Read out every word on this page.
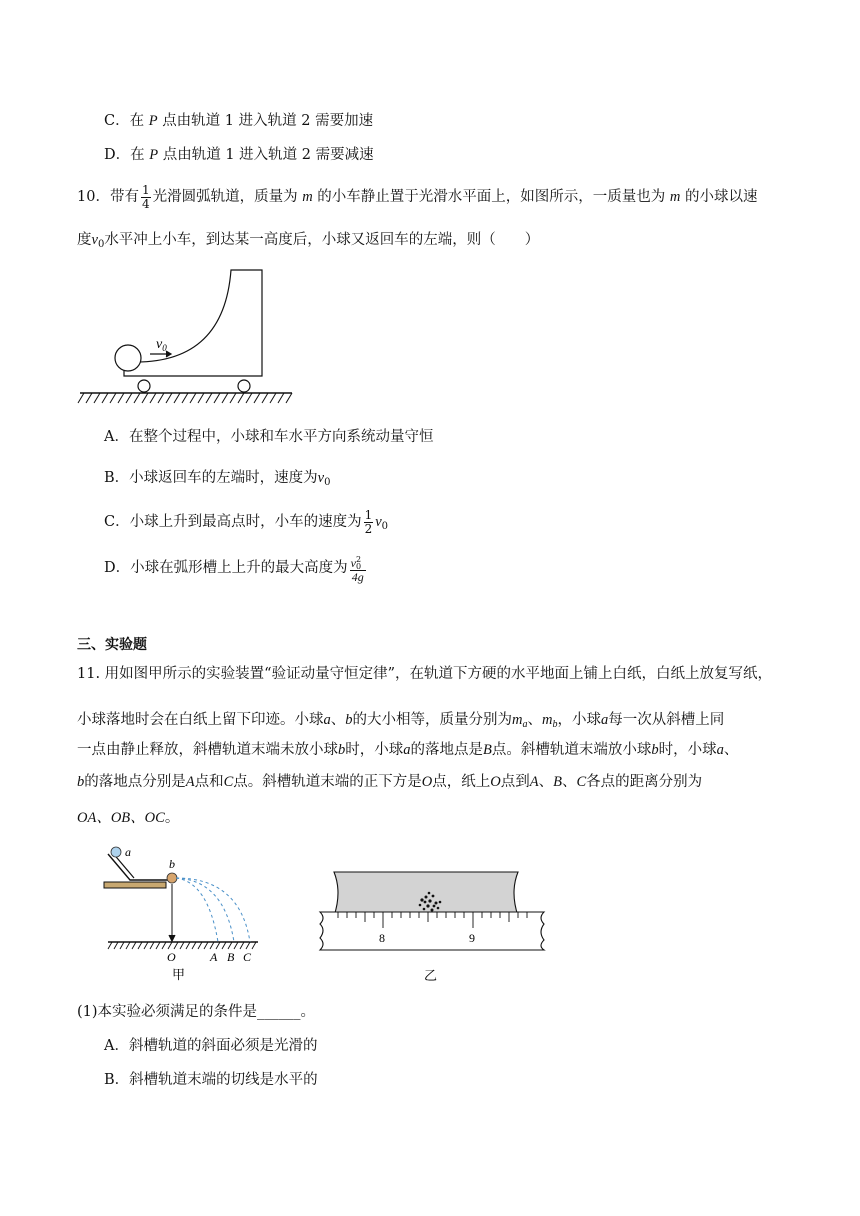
C．在 P 点由轨道 1 进入轨道 2 需要加速
D．在 P 点由轨道 1 进入轨道 2 需要减速
10．带有 $\frac{1}{4}$ 光滑圆弧轨道，质量为 m 的小车静止置于光滑水平面上，如图所示，一质量也为 m 的小球以速
度$v_0$水平冲上小车，到达某一高度后，小球又返回车的左端，则（　　）
$v_0$
A．在整个过程中，小球和车水平方向系统动量守恒
B．小球返回车的左端时，速度为$v_0$
C．小球上升到最高点时，小车的速度为 $\frac{1}{2} v_0$
D．小球在弧形槽上上升的最大高度为 $v^2$
0

4g
三、实验题
11. 用如图甲所示的实验装置“验证动量守恒定律”，在轨道下方硬的水平地面上铺上白纸，白纸上放复写纸，
小球落地时会在白纸上留下印迹。小球a、b的大小相等，质量分别为$m_a$、$m_b$，小球a每一次从斜槽上同
一点由静止释放，斜槽轨道末端未放小球b时，小球a的落地点是B点。斜槽轨道末端放小球b时，小球a、
b的落地点分别是A点和C点。斜槽轨道末端的正下方是O点，纸上O点到A、B、C各点的距离分别为
OA、OB、OC。
a
b
O	A B C
甲
8	9
乙
(1)本实验必须满足的条件是______。
A．斜槽轨道的斜面必须是光滑的
B．斜槽轨道末端的切线是水平的
